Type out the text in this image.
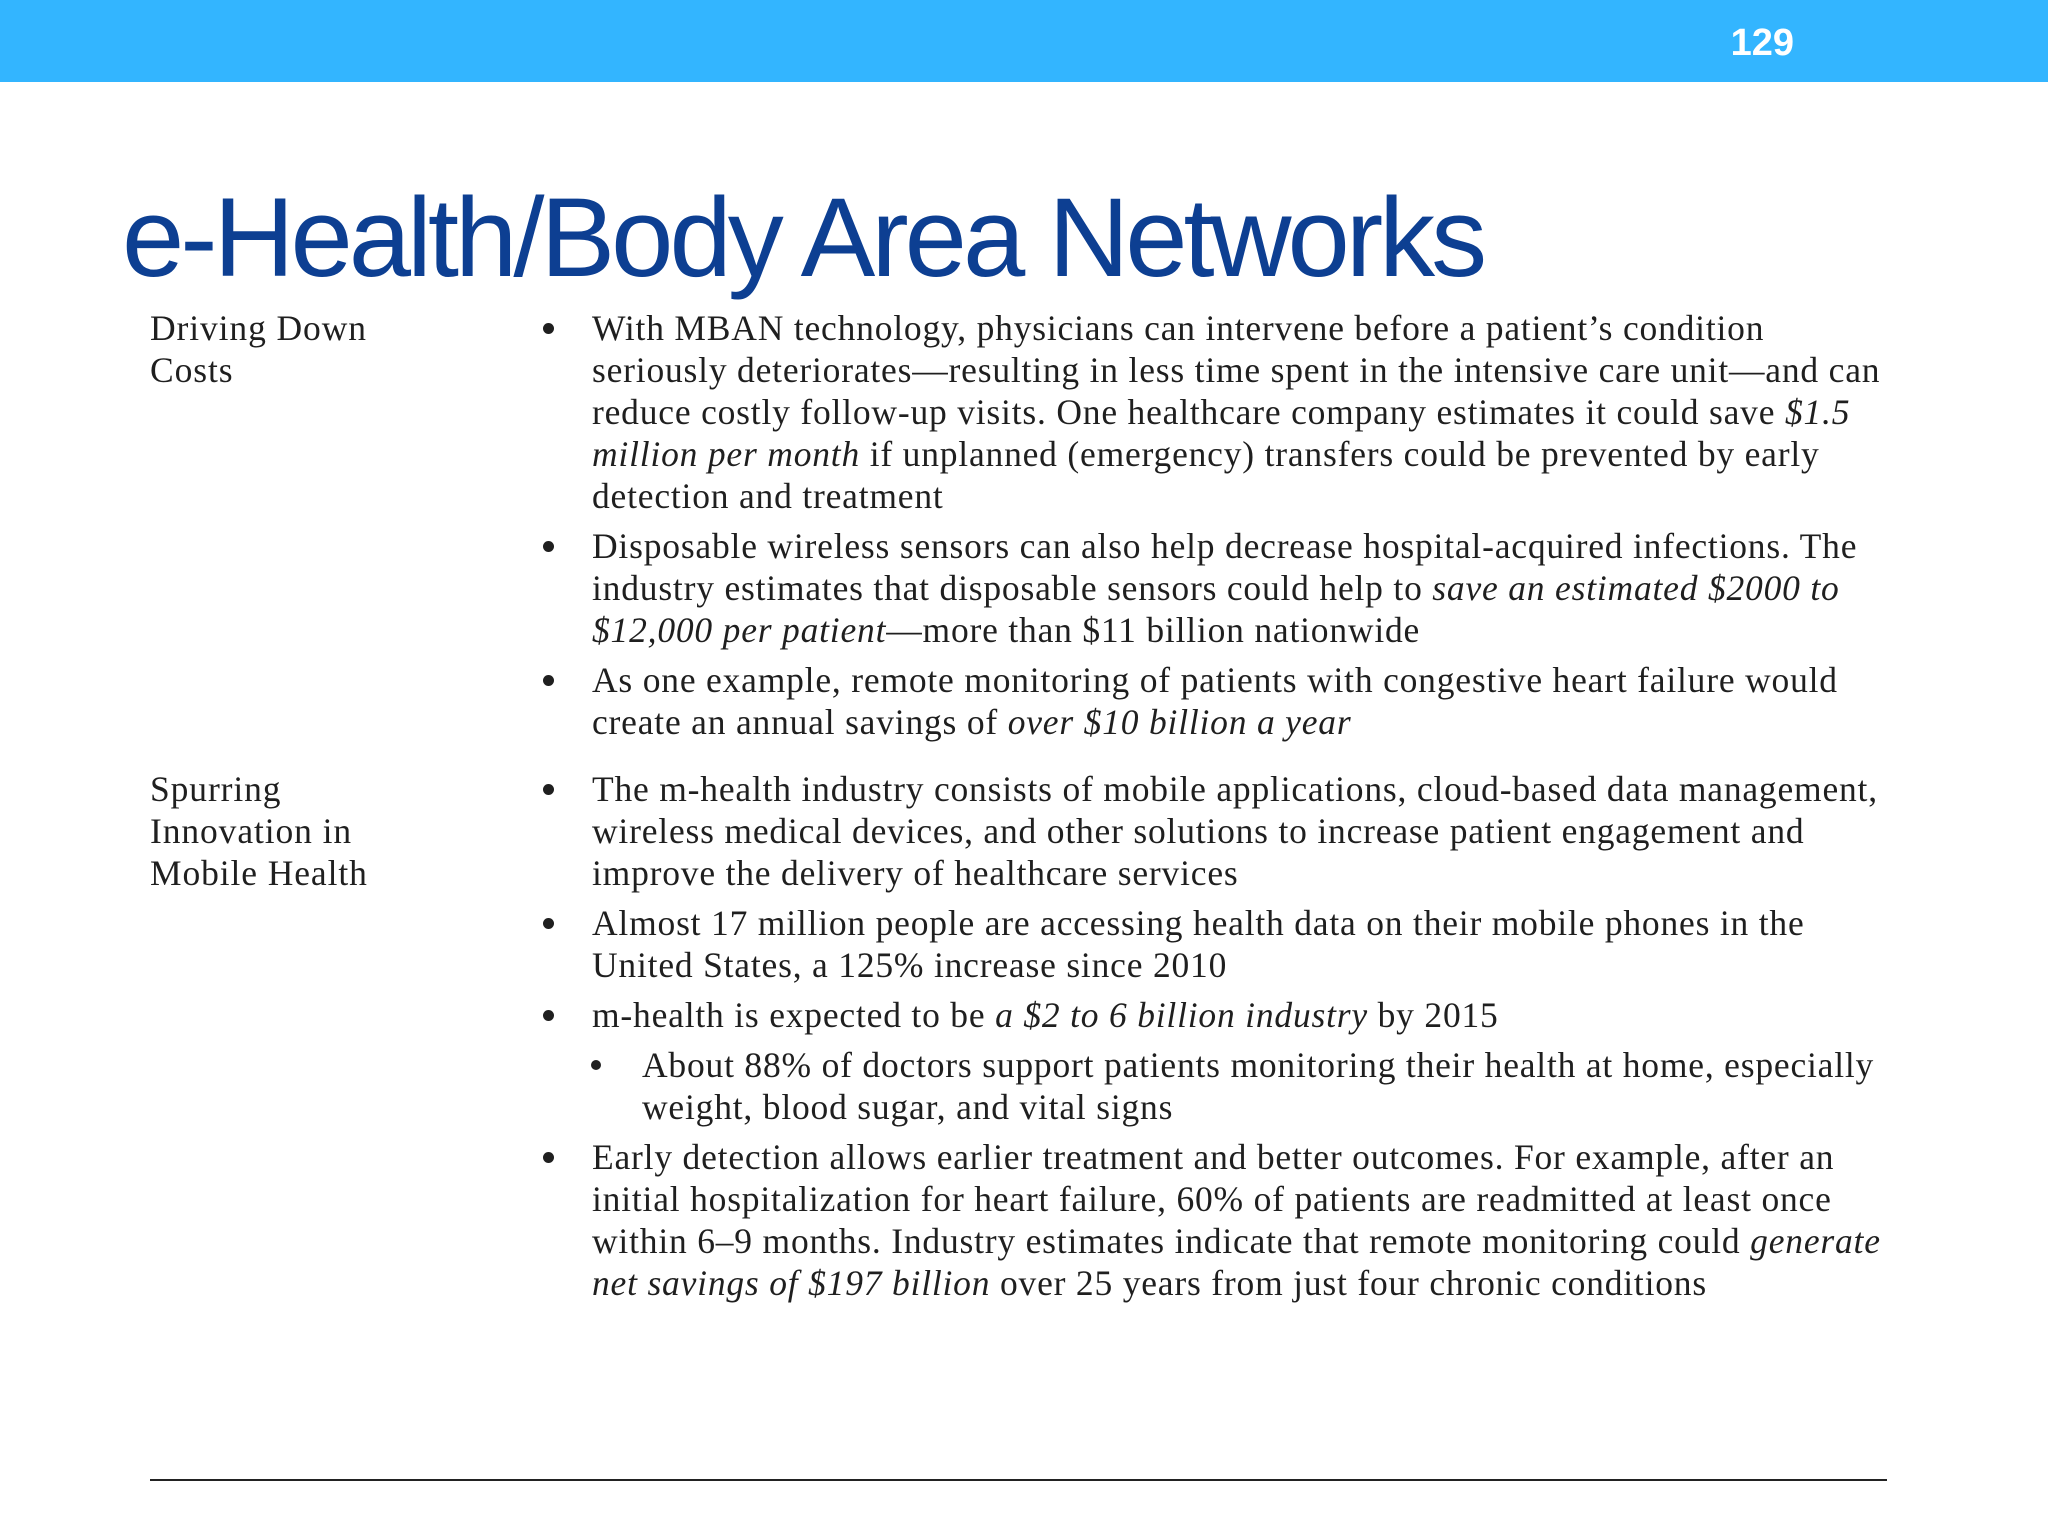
129
e-Health/Body Area Networks
Driving Down
Costs
With MBAN technology, physicians can intervene before a patient’s condition seriously deteriorates—resulting in less time spent in the intensive care unit—and can reduce costly follow-up visits. One healthcare company estimates it could save $1.5 million per month if unplanned (emergency) transfers could be prevented by early detection and treatment
Disposable wireless sensors can also help decrease hospital-acquired infections. The industry estimates that disposable sensors could help to save an estimated $2000 to $12,000 per patient—more than $11 billion nationwide
As one example, remote monitoring of patients with congestive heart failure would create an annual savings of over $10 billion a year
Spurring
Innovation in
Mobile Health
The m-health industry consists of mobile applications, cloud-based data management, wireless medical devices, and other solutions to increase patient engagement and improve the delivery of healthcare services
Almost 17 million people are accessing health data on their mobile phones in the United States, a 125% increase since 2010
m-health is expected to be a $2 to 6 billion industry by 2015
About 88% of doctors support patients monitoring their health at home, especially weight, blood sugar, and vital signs
Early detection allows earlier treatment and better outcomes. For example, after an initial hospitalization for heart failure, 60% of patients are readmitted at least once within 6–9 months. Industry estimates indicate that remote monitoring could generate net savings of $197 billion over 25 years from just four chronic conditions
